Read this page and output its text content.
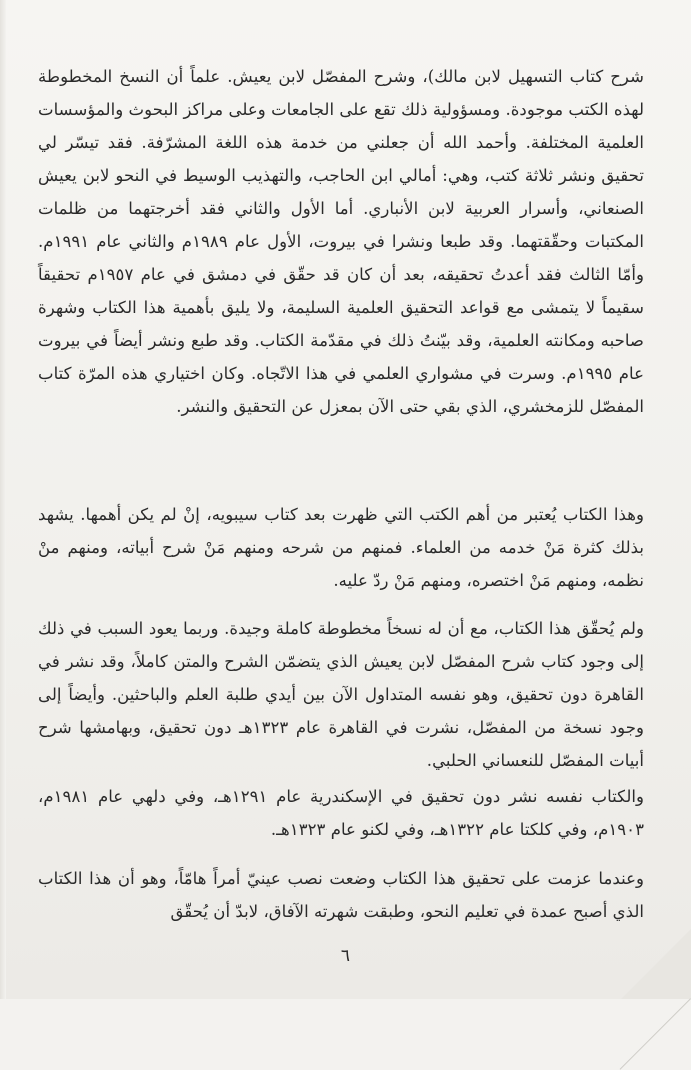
شرح كتاب التسهيل لابن مالك)، وشرح المفصّل لابن يعيش. علماً أن النسخ المخطوطة لهذه الكتب موجودة. ومسؤولية ذلك تقع على الجامعات وعلى مراكز البحوث والمؤسسات العلمية المختلفة. وأحمد الله أن جعلني من خدمة هذه اللغة المشرّفة. فقد تيسّر لي تحقيق ونشر ثلاثة كتب، وهي: أمالي ابن الحاجب، والتهذيب الوسيط في النحو لابن يعيش الصنعاني، وأسرار العربية لابن الأنباري. أما الأول والثاني فقد أخرجتهما من ظلمات المكتبات وحقّقتهما. وقد طبعا ونشرا في بيروت، الأول عام ١٩٨٩م والثاني عام ١٩٩١م. وأمّا الثالث فقد أعدتُ تحقيقه، بعد أن كان قد حقّق في دمشق في عام ١٩٥٧م تحقيقاً سقيماً لا يتمشى مع قواعد التحقيق العلمية السليمة، ولا يليق بأهمية هذا الكتاب وشهرة صاحبه ومكانته العلمية، وقد بيّنتُ ذلك في مقدّمة الكتاب. وقد طبع ونشر أيضاً في بيروت عام ١٩٩٥م. وسرت في مشواري العلمي في هذا الاتّجاه. وكان اختياري هذه المرّة كتاب المفصّل للزمخشري، الذي بقي حتى الآن بمعزل عن التحقيق والنشر.

وهذا الكتاب يُعتبر من أهم الكتب التي ظهرت بعد كتاب سيبويه، إنْ لم يكن أهمها. يشهد بذلك كثرة مَنْ خدمه من العلماء. فمنهم من شرحه ومنهم مَنْ شرح أبياته، ومنهم منْ نظمه، ومنهم مَنْ اختصره، ومنهم مَنْ ردّ عليه.

ولم يُحقّق هذا الكتاب، مع أن له نسخاً مخطوطة كاملة وجيدة. وربما يعود السبب في ذلك إلى وجود كتاب شرح المفصّل لابن يعيش الذي يتضمّن الشرح والمتن كاملاً، وقد نشر في القاهرة دون تحقيق، وهو نفسه المتداول الآن بين أيدي طلبة العلم والباحثين. وأيضاً إلى وجود نسخة من المفصّل، نشرت في القاهرة عام ١٣٢٣هـ دون تحقيق، وبهامشها شرح أبيات المفصّل للنعساني الحلبي.

والكتاب نفسه نشر دون تحقيق في الإسكندرية عام ١٢٩١هـ، وفي دلهي عام ١٩٨١م، ١٩٠٣م، وفي كلكتا عام ١٣٢٢هـ، وفي لكنو عام ١٣٢٣هـ.

وعندما عزمت على تحقيق هذا الكتاب وضعت نصب عينيّ أمراً هامّاً، وهو أن هذا الكتاب الذي أصبح عمدة في تعليم النحو، وطبقت شهرته الآفاق، لابدّ أن يُحقّق

٦
